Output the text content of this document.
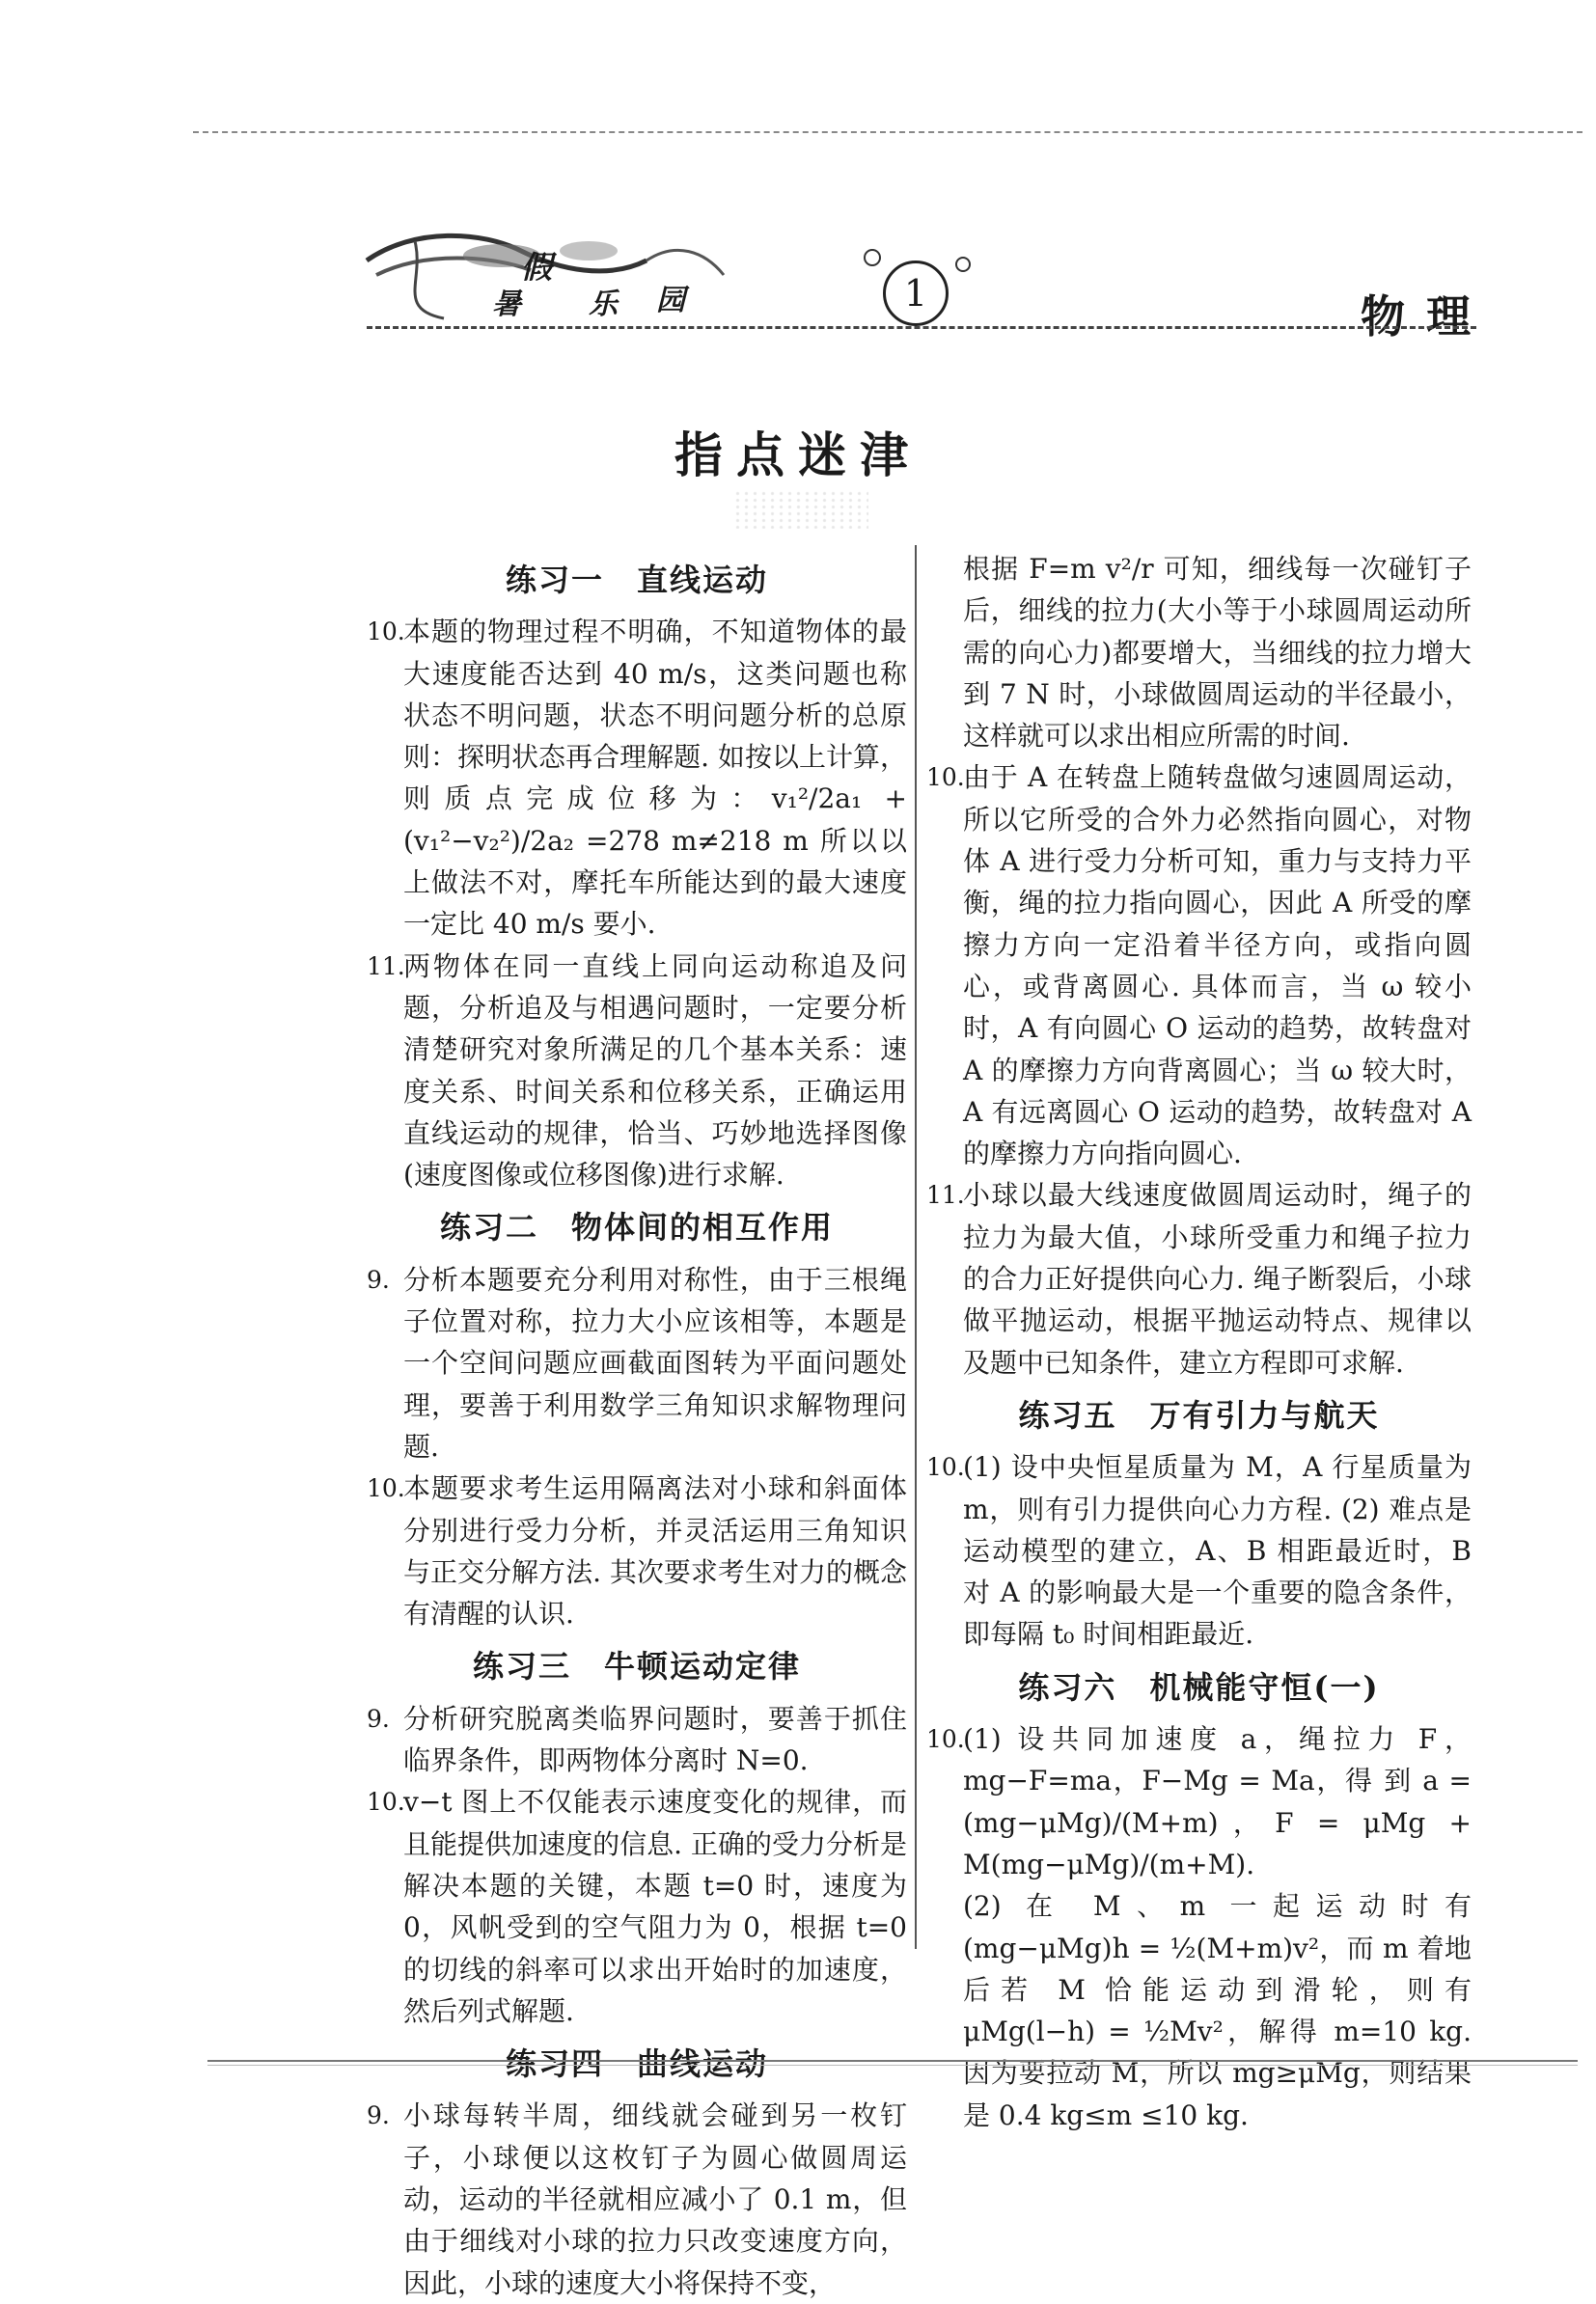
假
暑 乐 园	1	物理
指点迷津
练习一　直线运动
10.
本题的物理过程不明确，不知道物体的最大速度能否达到 40 m/s，这类问题也称状态不明问题，状态不明问题分析的总原则：探明状态再合理解题. 如按以上计算，则质点完成位移为：v₁²/2a₁ + (v₁²−v₂²)/2a₂ =278 m≠218 m 所以以上做法不对，摩托车所能达到的最大速度一定比 40 m/s 要小.
11.
两物体在同一直线上同向运动称追及问题，分析追及与相遇问题时，一定要分析清楚研究对象所满足的几个基本关系：速度关系、时间关系和位移关系，正确运用直线运动的规律，恰当、巧妙地选择图像(速度图像或位移图像)进行求解.
练习二　物体间的相互作用
9. 分析本题要充分利用对称性，由于三根绳子位置对称，拉力大小应该相等，本题是一个空间问题应画截面图转为平面问题处理，要善于利用数学三角知识求解物理问题.
10.
本题要求考生运用隔离法对小球和斜面体分别进行受力分析，并灵活运用三角知识与正交分解方法. 其次要求考生对力的概念有清醒的认识.
练习三　牛顿运动定律
9. 分析研究脱离类临界问题时，要善于抓住临界条件，即两物体分离时 N=0.
10.
v−t 图上不仅能表示速度变化的规律，而且能提供加速度的信息. 正确的受力分析是解决本题的关键，本题 t=0 时，速度为 0，风帆受到的空气阻力为 0，根据 t=0 的切线的斜率可以求出开始时的加速度，然后列式解题.
练习四　曲线运动
9. 小球每转半周，细线就会碰到另一枚钉子，小球便以这枚钉子为圆心做圆周运动，运动的半径就相应减小了 0.1 m，但由于细线对小球的拉力只改变速度方向，因此，小球的速度大小将保持不变，
根据 F=m v²/r 可知，细线每一次碰钉子后，细线的拉力(大小等于小球圆周运动所需的向心力)都要增大，当细线的拉力增大到 7 N 时，小球做圆周运动的半径最小，这样就可以求出相应所需的时间.
10.
由于 A 在转盘上随转盘做匀速圆周运动，所以它所受的合外力必然指向圆心，对物体 A 进行受力分析可知，重力与支持力平衡，绳的拉力指向圆心，因此 A 所受的摩擦力方向一定沿着半径方向，或指向圆心，或背离圆心. 具体而言，当 ω 较小时，A 有向圆心 O 运动的趋势，故转盘对 A 的摩擦力方向背离圆心；当 ω 较大时，A 有远离圆心 O 运动的趋势，故转盘对 A 的摩擦力方向指向圆心.
11.
小球以最大线速度做圆周运动时，绳子的拉力为最大值，小球所受重力和绳子拉力的合力正好提供向心力. 绳子断裂后，小球做平抛运动，根据平抛运动特点、规律以及题中已知条件，建立方程即可求解.
练习五　万有引力与航天
10.
(1) 设中央恒星质量为 M，A 行星质量为 m，则有引力提供向心力方程. (2) 难点是运动模型的建立，A、B 相距最近时，B 对 A 的影响最大是一个重要的隐含条件，即每隔 t₀ 时间相距最近.
练习六　机械能守恒(一)
10.
(1) 设共同加速度 a，绳拉力 F，mg−F=ma，F−Mg = Ma，得 到 a = (mg−μMg)/(M+m)，F = μMg + M(mg−μMg)/(m+M).
(2) 在 M、m 一起运动时有 (mg−μMg)h = ½(M+m)v²，而 m 着地后若 M 恰能运动到滑轮，则有 μMg(l−h) = ½Mv²，解得 m=10 kg. 因为要拉动 M，所以 mg≥μMg，则结果是 0.4 kg≤m ≤10 kg.
